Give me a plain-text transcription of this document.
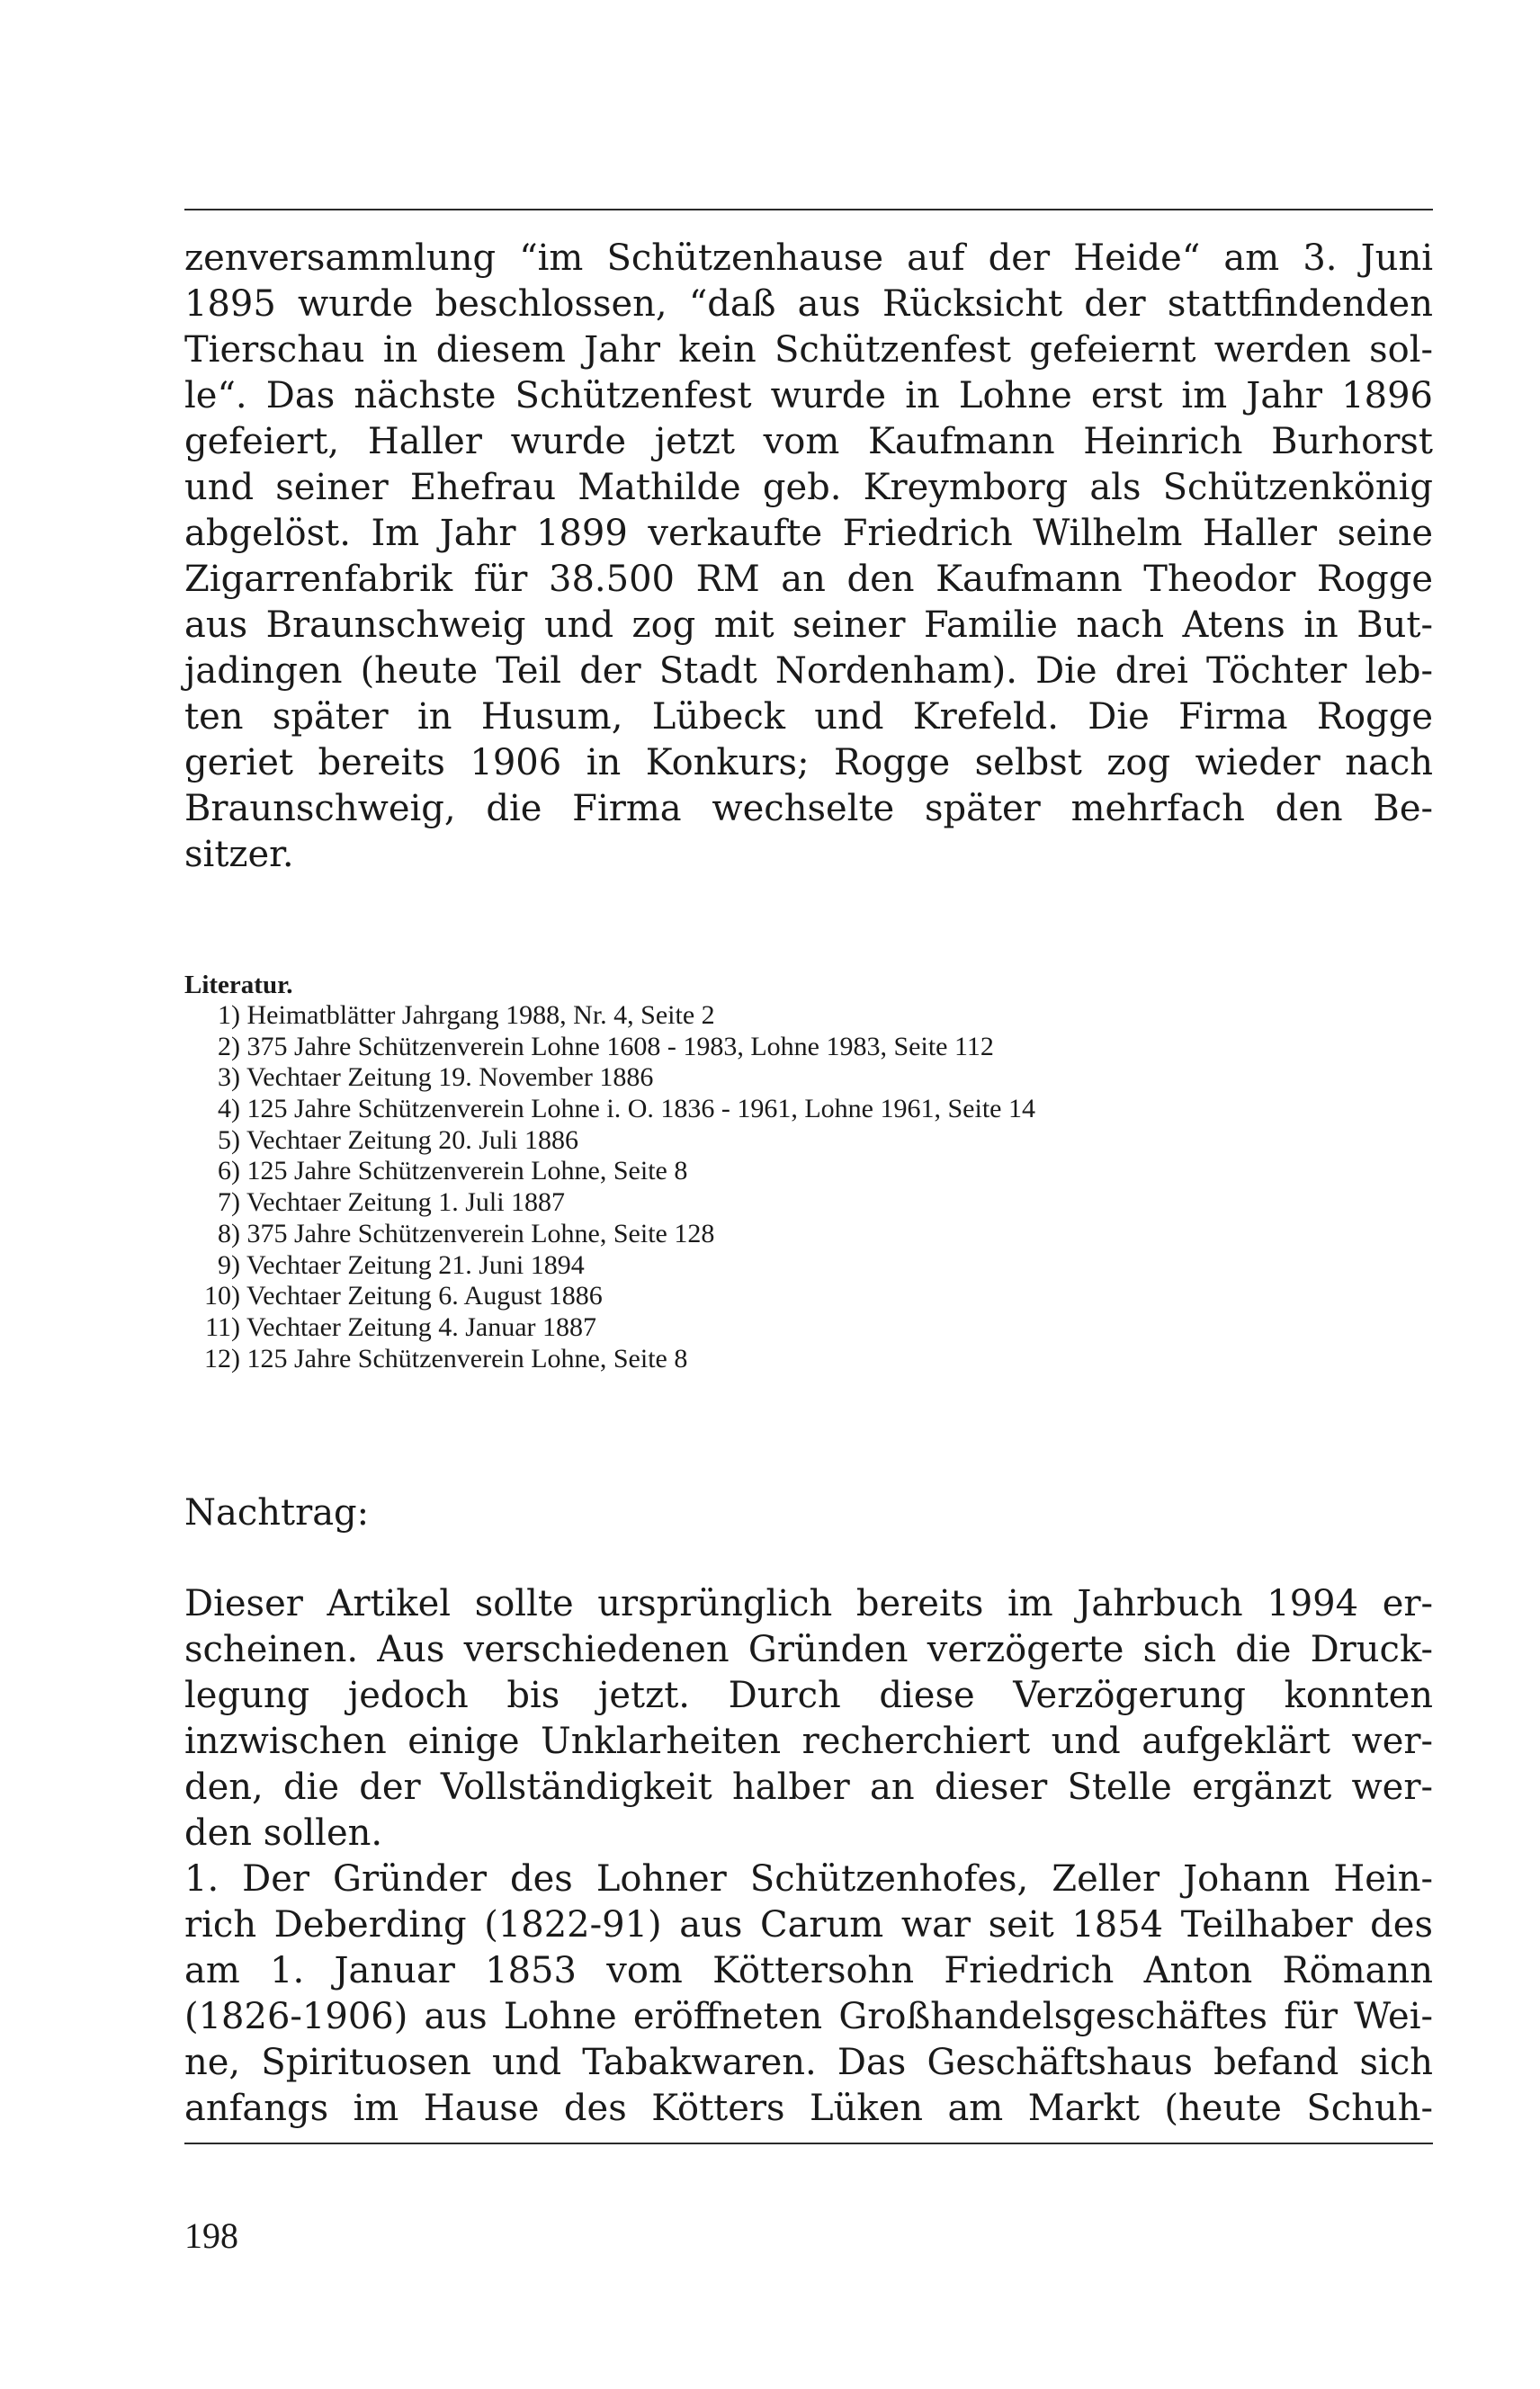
zenversammlung “im Schützenhause auf der Heide“ am 3. Juni
1895 wurde beschlossen, “daß aus Rücksicht der stattfindenden
Tierschau in diesem Jahr kein Schützenfest gefeiernt werden sol-
le“. Das nächste Schützenfest wurde in Lohne erst im Jahr 1896
gefeiert, Haller wurde jetzt vom Kaufmann Heinrich Burhorst
und seiner Ehefrau Mathilde geb. Kreymborg als Schützenkönig
abgelöst. Im Jahr 1899 verkaufte Friedrich Wilhelm Haller seine
Zigarrenfabrik für 38.500 RM an den Kaufmann Theodor Rogge
aus Braunschweig und zog mit seiner Familie nach Atens in But-
jadingen (heute Teil der Stadt Nordenham). Die drei Töchter leb-
ten später in Husum, Lübeck und Krefeld. Die Firma Rogge
geriet bereits 1906 in Konkurs; Rogge selbst zog wieder nach
Braunschweig, die Firma wechselte später mehrfach den Be-
sitzer.
Literatur.
1) Heimatblätter Jahrgang 1988, Nr. 4, Seite 2
2) 375 Jahre Schützenverein Lohne 1608 - 1983, Lohne 1983, Seite 112
3) Vechtaer Zeitung 19. November 1886
4) 125 Jahre Schützenverein Lohne i. O. 1836 - 1961, Lohne 1961, Seite 14
5) Vechtaer Zeitung 20. Juli 1886
6) 125 Jahre Schützenverein Lohne, Seite 8
7) Vechtaer Zeitung 1. Juli 1887
8) 375 Jahre Schützenverein Lohne, Seite 128
9) Vechtaer Zeitung 21. Juni 1894
10) Vechtaer Zeitung 6. August 1886
11) Vechtaer Zeitung 4. Januar 1887
12) 125 Jahre Schützenverein Lohne, Seite 8
Nachtrag:
Dieser Artikel sollte ursprünglich bereits im Jahrbuch 1994 er-
scheinen. Aus verschiedenen Gründen verzögerte sich die Druck-
legung jedoch bis jetzt. Durch diese Verzögerung konnten
inzwischen einige Unklarheiten recherchiert und aufgeklärt wer-
den, die der Vollständigkeit halber an dieser Stelle ergänzt wer-
den sollen.
1. Der Gründer des Lohner Schützenhofes, Zeller Johann Hein-
rich Deberding (1822-91) aus Carum war seit 1854 Teilhaber des
am 1. Januar 1853 vom Köttersohn Friedrich Anton Römann
(1826-1906) aus Lohne eröffneten Großhandelsgeschäftes für Wei-
ne, Spirituosen und Tabakwaren. Das Geschäftshaus befand sich
anfangs im Hause des Kötters Lüken am Markt (heute Schuh-
198
